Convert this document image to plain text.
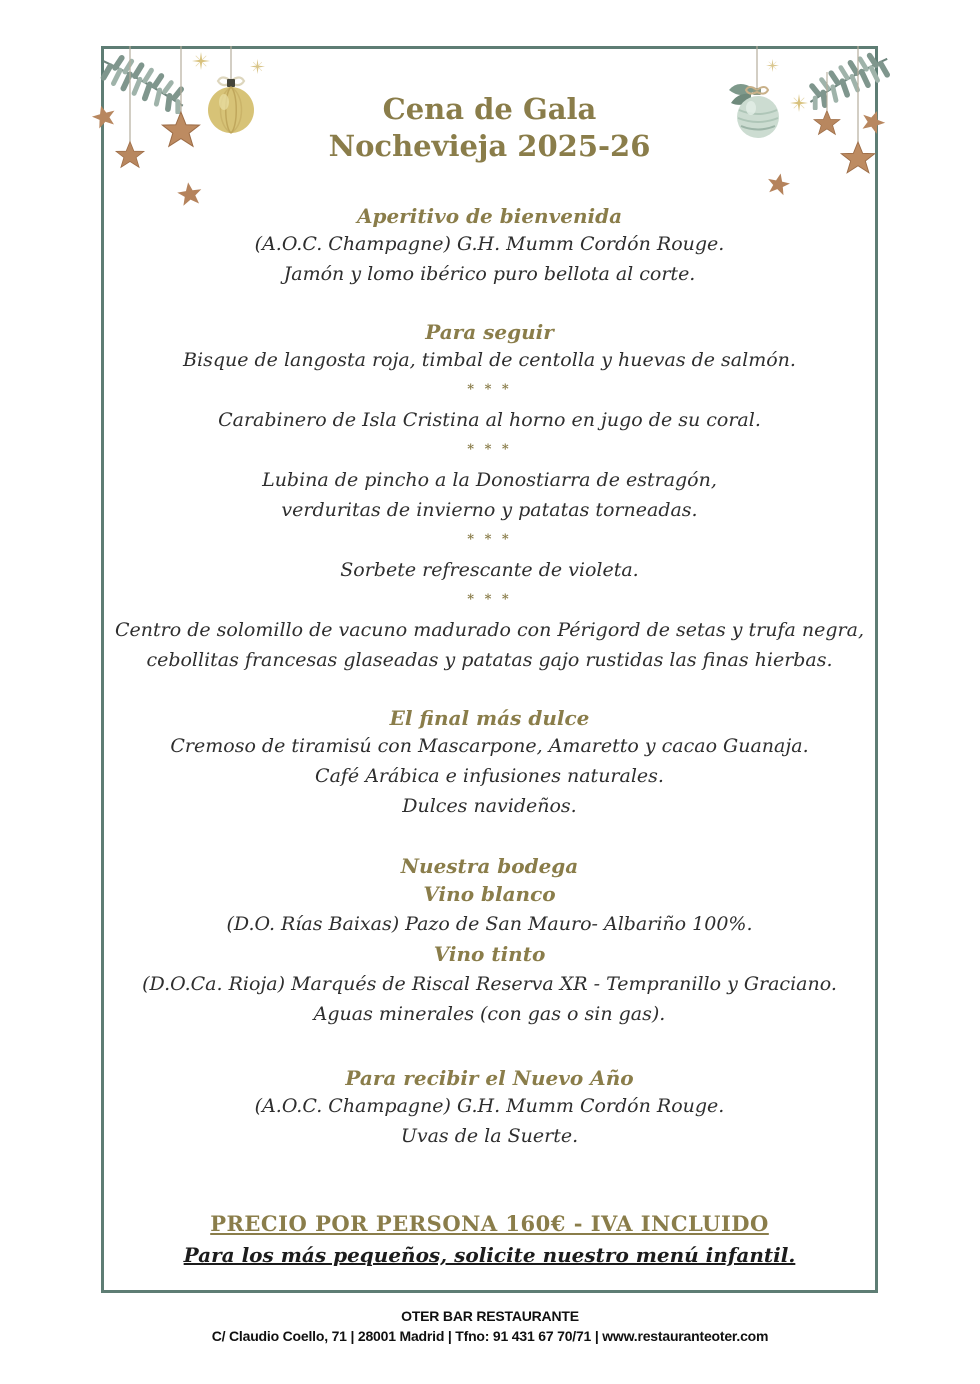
Cena de Gala
Nochevieja 2025-26
Aperitivo de bienvenida

(A.O.C. Champagne) G.H. Mumm Cordón Rouge.

Jamón y lomo ibérico puro bellota al corte.

Para seguir

Bisque de langosta roja, timbal de centolla y huevas de salmón.

* * *

Carabinero de Isla Cristina al horno en jugo de su coral.

* * *

Lubina de pincho a la Donostiarra de estragón,

verduritas de invierno y patatas torneadas.

* * *

Sorbete refrescante de violeta.

* * *

Centro de solomillo de vacuno madurado con Périgord de setas y trufa negra,

cebollitas francesas glaseadas y patatas gajo rustidas las finas hierbas.

El final más dulce

Cremoso de tiramisú con Mascarpone, Amaretto y cacao Guanaja.

Café Arábica e infusiones naturales.

Dulces navideños.

Nuestra bodega

Vino blanco

(D.O. Rías Baixas) Pazo de San Mauro- Albariño 100%.

Vino tinto

(D.O.Ca. Rioja) Marqués de Riscal Reserva XR - Tempranillo y Graciano.

Aguas minerales (con gas o sin gas).

Para recibir el Nuevo Año

(A.O.C. Champagne) G.H. Mumm Cordón Rouge.

Uvas de la Suerte.

PRECIO POR PERSONA 160€ - IVA INCLUIDO

Para los más pequeños, solicite nuestro menú infantil.

OTER BAR RESTAURANTE
C/ Claudio Coello, 71 | 28001 Madrid | Tfno: 91 431 67 70/71 | www.restauranteoter.com
